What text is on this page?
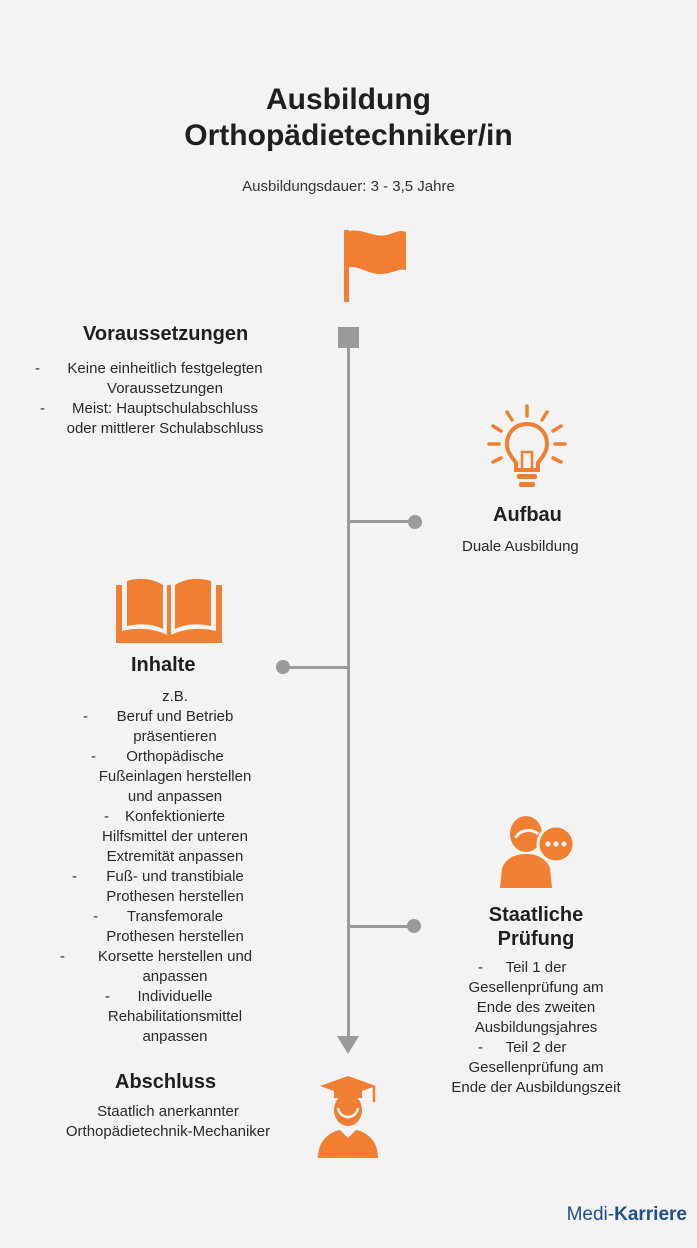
Ausbildung
Orthopädietechniker/in
Ausbildungsdauer: 3 - 3,5 Jahre
Voraussetzungen
- Keine einheitlich festgelegten
Voraussetzungen
- Meist: Hauptschulabschluss
oder mittlerer Schulabschluss
Aufbau
Duale Ausbildung
Inhalte
z.B.
- Beruf und Betrieb
präsentieren
- Orthopädische
Fußeinlagen herstellen
und anpassen
- Konfektionierte
Hilfsmittel der unteren
Extremität anpassen
- Fuß- und transtibiale
Prothesen herstellen
- Transfemorale
Prothesen herstellen
- Korsette herstellen und
anpassen
- Individuelle
Rehabilitationsmittel
anpassen
Staatliche
Prüfung
- Teil 1 der
Gesellenprüfung am
Ende des zweiten
Ausbildungsjahres
- Teil 2 der
Gesellenprüfung am
Ende der Ausbildungszeit
Abschluss
Staatlich anerkannter
Orthopädietechnik-Mechaniker
Medi-Karriere
